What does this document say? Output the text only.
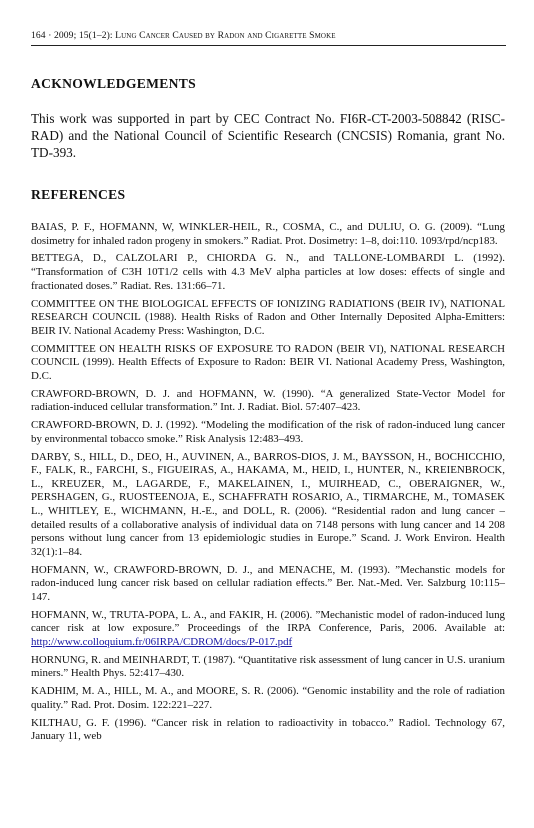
164 · 2009; 15(1–2): Lung Cancer Caused by Radon and Cigarette Smoke
ACKNOWLEDGEMENTS

This work was supported in part by CEC Contract No. FI6R-CT-2003-508842 (RISC-RAD) and the National Council of Scientific Research (CNCSIS) Romania, grant No. TD-393.

REFERENCES
BAIAS, P. F., HOFMANN, W, WINKLER-HEIL, R., COSMA, C., and DULIU, O. G. (2009). “Lung dosimetry for inhaled radon progeny in smokers.” Radiat. Prot. Dosimetry: 1–8, doi:110. 1093/rpd/ncp183.
BETTEGA, D., CALZOLARI P., CHIORDA G. N., and TALLONE-LOMBARDI L. (1992). “Transformation of C3H 10T1/2 cells with 4.3 MeV alpha particles at low doses: effects of single and fractionated doses.” Radiat. Res. 131:66–71.
COMMITTEE ON THE BIOLOGICAL EFFECTS OF IONIZING RADIATIONS (BEIR IV), NATIONAL RESEARCH COUNCIL (1988). Health Risks of Radon and Other Internally Deposited Alpha-Emitters: BEIR IV. National Academy Press: Washington, D.C.
COMMITTEE ON HEALTH RISKS OF EXPOSURE TO RADON (BEIR VI), NATIONAL RESEARCH COUNCIL (1999). Health Effects of Exposure to Radon: BEIR VI. National Academy Press, Washington, D.C.
CRAWFORD-BROWN, D. J. and HOFMANN, W. (1990). “A generalized State-Vector Model for radiation-induced cellular transformation.” Int. J. Radiat. Biol. 57:407–423.
CRAWFORD-BROWN, D. J. (1992). “Modeling the modification of the risk of radon-induced lung cancer by environmental tobacco smoke.” Risk Analysis 12:483–493.
DARBY, S., HILL, D., DEO, H., AUVINEN, A., BARROS-DIOS, J. M., BAYSSON, H., BOCHICCHIO, F., FALK, R., FARCHI, S., FIGUEIRAS, A., HAKAMA, M., HEID, I., HUNTER, N., KREIENBROCK, L., KREUZER, M., LAGARDE, F., MAKELAINEN, I., MUIRHEAD, C., OBERAIGNER, W., PERSHAGEN, G., RUOSTEENOJA, E., SCHAFFRATH ROSARIO, A., TIRMARCHE, M., TOMASEK L., WHITLEY, E., WICHMANN, H.-E., and DOLL, R. (2006). “Residential radon and lung cancer – detailed results of a collaborative analysis of individual data on 7148 persons with lung cancer and 14 208 persons without lung cancer from 13 epidemiologic studies in Europe.” Scand. J. Work Environ. Health 32(1):1–84.
HOFMANN, W., CRAWFORD-BROWN, D. J., and MENACHE, M. (1993). ”Mechanstic models for radon-induced lung cancer risk based on cellular radiation effects.” Ber. Nat.-Med. Ver. Salzburg 10:115–147.
HOFMANN, W., TRUTA-POPA, L. A., and FAKIR, H. (2006). ”Mechanistic model of radon-induced lung cancer risk at low exposure.” Proceedings of the IRPA Conference, Paris, 2006. Available at: http://www.colloquium.fr/06IRPA/CDROM/docs/P-017.pdf
HORNUNG, R. and MEINHARDT, T. (1987). “Quantitative risk assessment of lung cancer in U.S. uranium miners.” Health Phys. 52:417–430.
KADHIM, M. A., HILL, M. A., and MOORE, S. R. (2006). “Genomic instability and the role of radiation quality.” Rad. Prot. Dosim. 122:221–227.
KILTHAU, G. F. (1996). “Cancer risk in relation to radioactivity in tobacco.” Radiol. Technology 67, January 11, web
